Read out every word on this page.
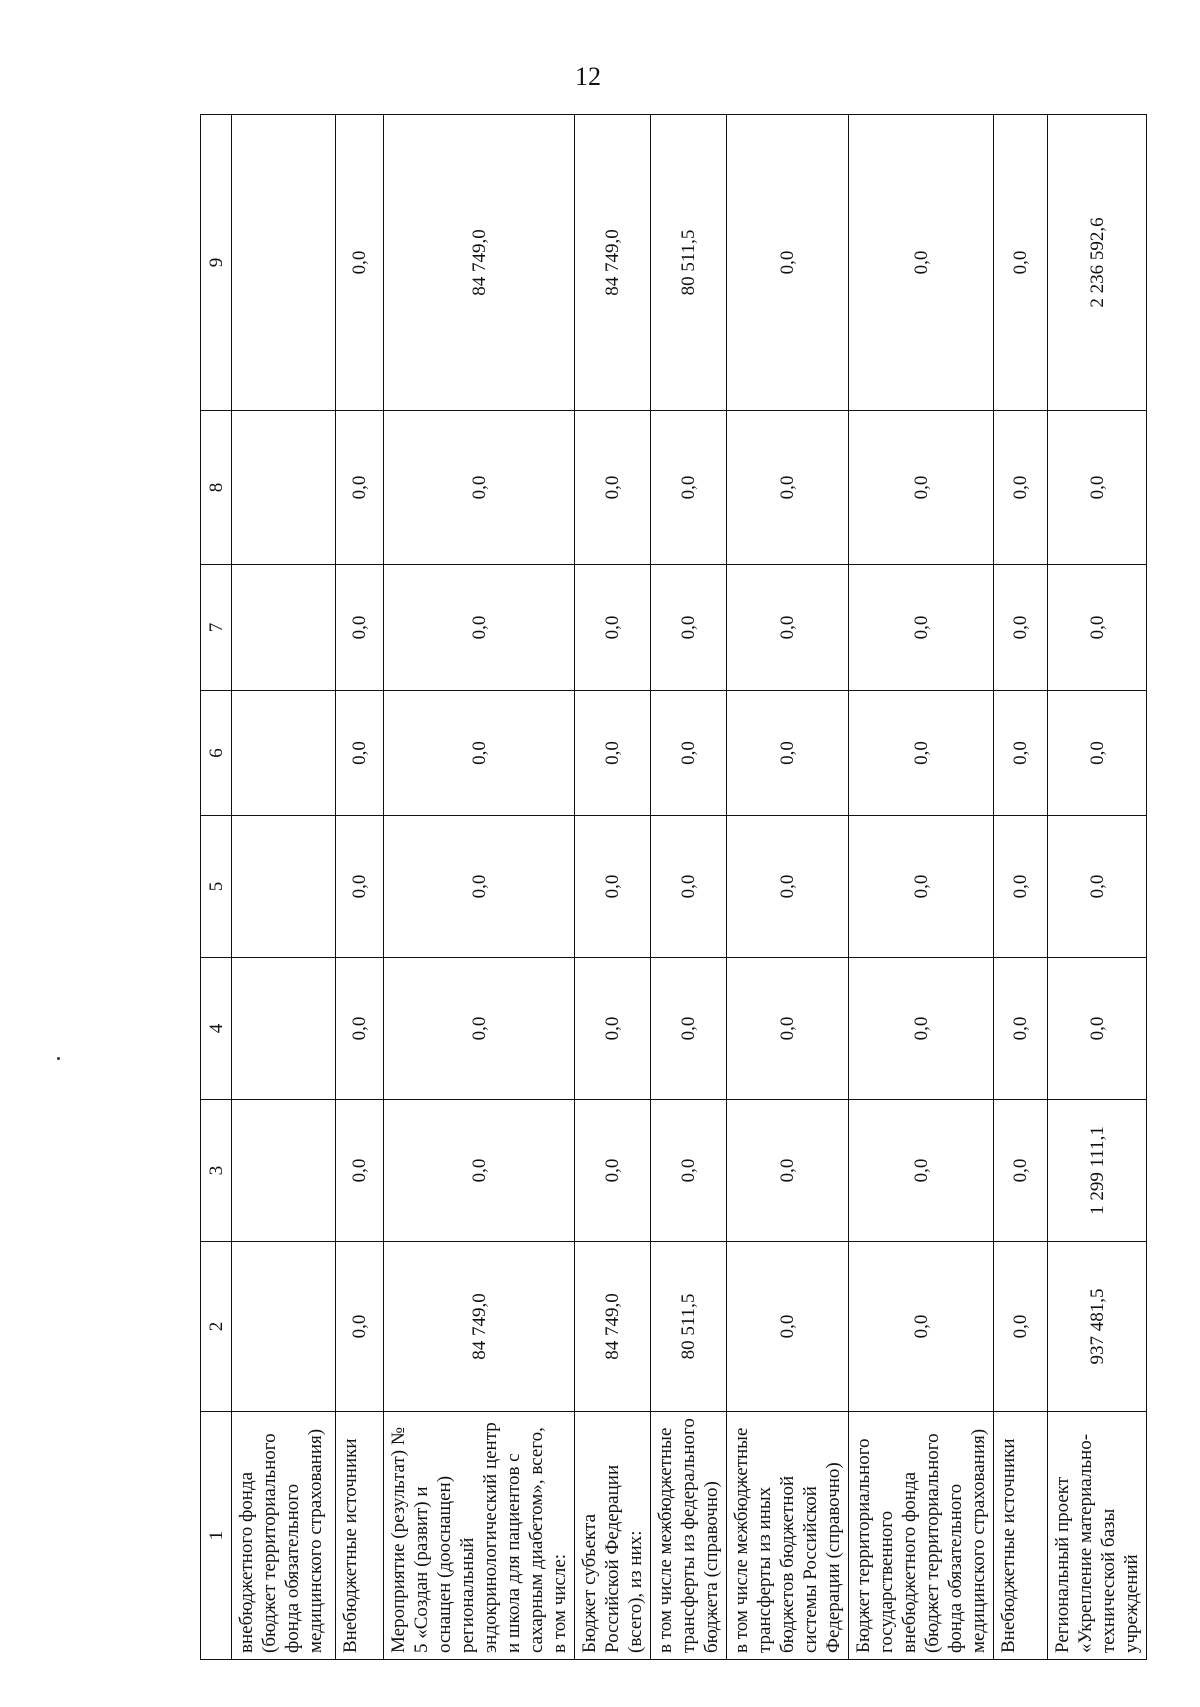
12
1	2	3	4	5	6	7	8	9
внебюджетного фонда (бюджет территориального фонда обязательного медицинского страхования)								
Внебюджетные источники	0,0	0,0	0,0	0,0	0,0	0,0	0,0	0,0
Мероприятие (результат) № 5 «Создан (развит) и оснащен (дооснащен) региональный эндокринологический центр и школа для пациентов с сахарным диабетом», всего, в том числе:	84 749,0	0,0	0,0	0,0	0,0	0,0	0,0	84 749,0
Бюджет субъекта Российской Федерации (всего), из них:	84 749,0	0,0	0,0	0,0	0,0	0,0	0,0	84 749,0
в том числе межбюджетные трансферты из федерального бюджета (справочно)	80 511,5	0,0	0,0	0,0	0,0	0,0	0,0	80 511,5
в том числе межбюджетные трансферты из иных бюджетов бюджетной системы Российской Федерации (справочно)	0,0	0,0	0,0	0,0	0,0	0,0	0,0	0,0
Бюджет территориального государственного внебюджетного фонда (бюджет территориального фонда обязательного медицинского страхования)	0,0	0,0	0,0	0,0	0,0	0,0	0,0	0,0
Внебюджетные источники	0,0	0,0	0,0	0,0	0,0	0,0	0,0	0,0
Региональный проект «Укрепление материально-технической базы учреждений	937 481,5	1 299 111,1	0,0	0,0	0,0	0,0	0,0	2 236 592,6
